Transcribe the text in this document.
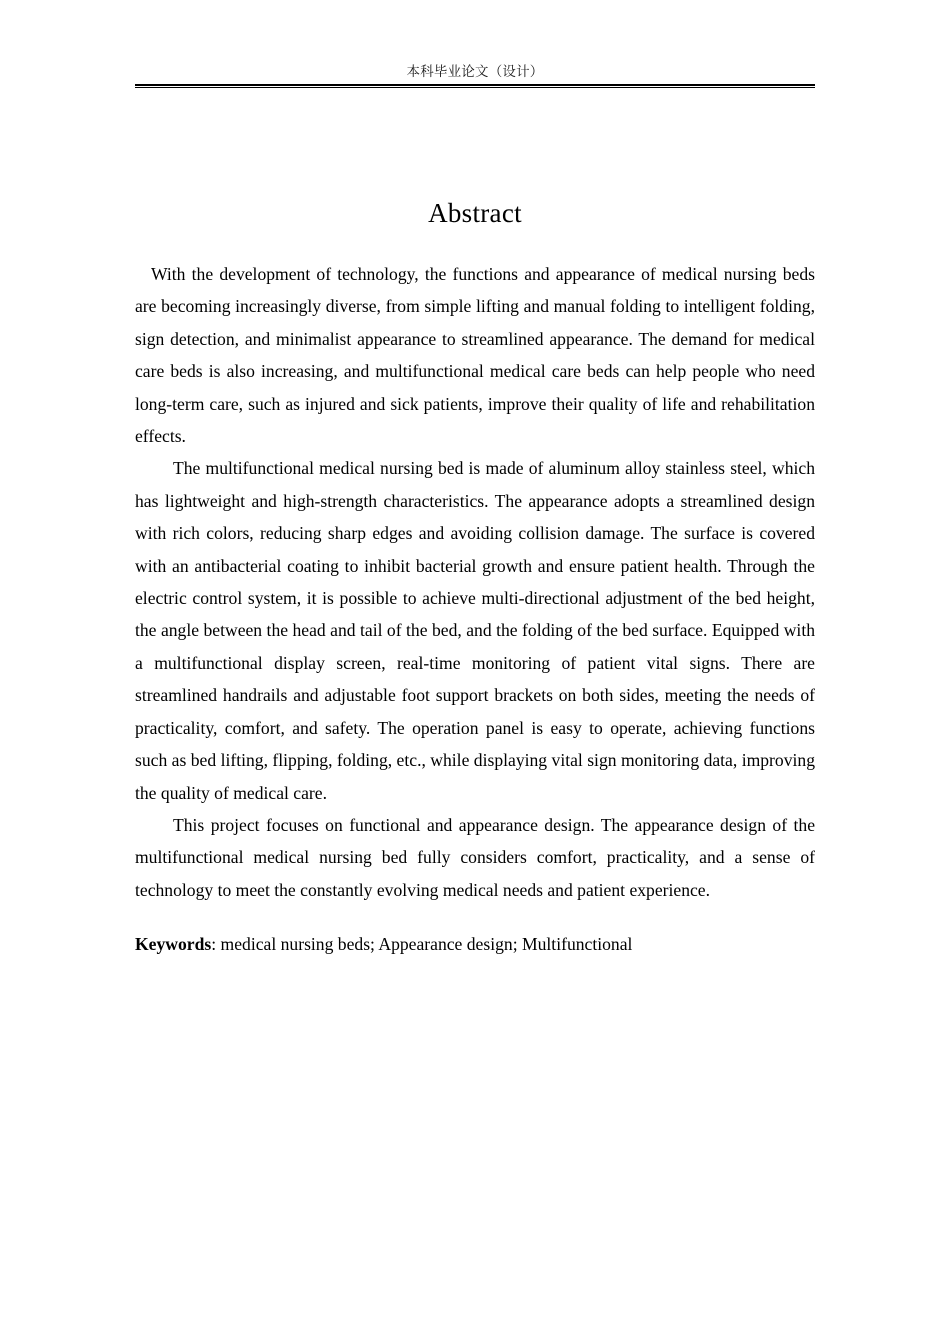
本科毕业论文（设计）
Abstract

With the development of technology, the functions and appearance of medical nursing beds are becoming increasingly diverse, from simple lifting and manual folding to intelligent folding, sign detection, and minimalist appearance to streamlined appearance. The demand for medical care beds is also increasing, and multifunctional medical care beds can help people who need long-term care, such as injured and sick patients, improve their quality of life and rehabilitation effects.

The multifunctional medical nursing bed is made of aluminum alloy stainless steel, which has lightweight and high-strength characteristics. The appearance adopts a streamlined design with rich colors, reducing sharp edges and avoiding collision damage. The surface is covered with an antibacterial coating to inhibit bacterial growth and ensure patient health. Through the electric control system, it is possible to achieve multi-directional adjustment of the bed height, the angle between the head and tail of the bed, and the folding of the bed surface. Equipped with a multifunctional display screen, real-time monitoring of patient vital signs. There are streamlined handrails and adjustable foot support brackets on both sides, meeting the needs of practicality, comfort, and safety. The operation panel is easy to operate, achieving functions such as bed lifting, flipping, folding, etc., while displaying vital sign monitoring data, improving the quality of medical care.

This project focuses on functional and appearance design. The appearance design of the multifunctional medical nursing bed fully considers comfort, practicality, and a sense of technology to meet the constantly evolving medical needs and patient experience.

Keywords: medical nursing beds; Appearance design; Multifunctional
